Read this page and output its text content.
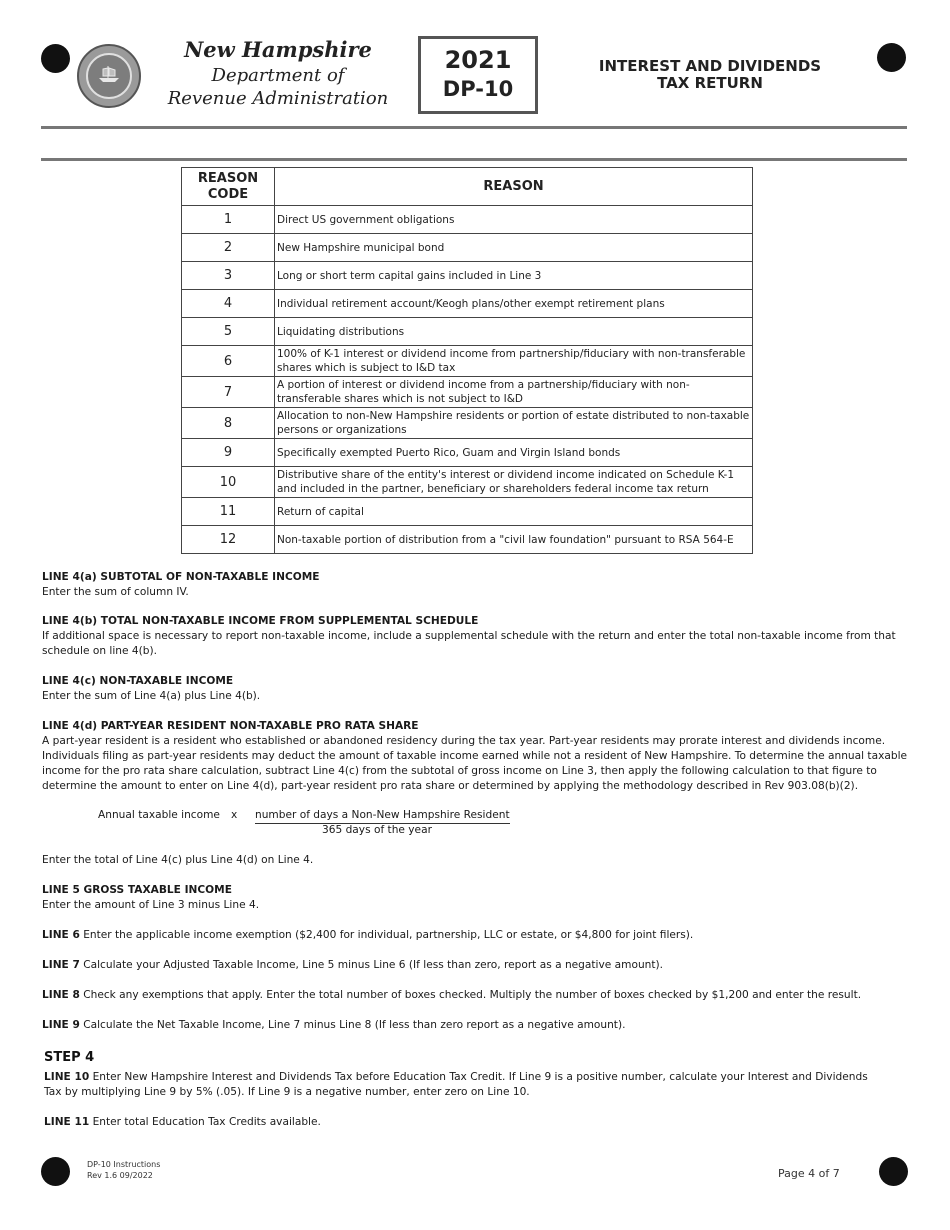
New Hampshire
Department of
Revenue Administration
2021
DP-10
INTEREST AND DIVIDENDS
TAX RETURN
REASON
CODE	REASON
1	Direct US government obligations
2	New Hampshire municipal bond
3	Long or short term capital gains included in Line 3
4	Individual retirement account/Keogh plans/other exempt retirement plans
5	Liquidating distributions
6	100% of K-1 interest or dividend income from partnership/fiduciary with non-transferable shares which is subject to I&D tax
7	A portion of interest or dividend income from a partnership/fiduciary with non-transferable shares which is not subject to I&D
8	Allocation to non-New Hampshire residents or portion of estate distributed to non-taxable persons or organizations
9	Specifically exempted Puerto Rico, Guam and Virgin Island bonds
10	Distributive share of the entity's interest or dividend income indicated on Schedule K-1 and included in the partner, beneficiary or shareholders federal income tax return
11	Return of capital
12	Non-taxable portion of distribution from a "civil law foundation" pursuant to RSA 564-E
LINE 4(a) SUBTOTAL OF NON-TAXABLE INCOME
Enter the sum of column IV.
LINE 4(b) TOTAL NON-TAXABLE INCOME FROM SUPPLEMENTAL SCHEDULE
If additional space is necessary to report non-taxable income, include a supplemental schedule with the return and enter the total non-taxable income from that schedule on line 4(b).
LINE 4(c) NON-TAXABLE INCOME
Enter the sum of Line 4(a) plus Line 4(b).
LINE 4(d) PART-YEAR RESIDENT NON-TAXABLE PRO RATA SHARE
A part-year resident is a resident who established or abandoned residency during the tax year. Part-year residents may prorate interest and dividends income. Individuals filing as part-year residents may deduct the amount of taxable income earned while not a resident of New Hampshire. To determine the annual taxable income for the pro rata share calculation, subtract Line 4(c) from the subtotal of gross income on Line 3, then apply the following calculation to that figure to determine the amount to enter on Line 4(d), part-year resident pro rata share or determined by applying the methodology described in Rev 903.08(b)(2).
Annual taxable income x number of days a Non-New Hampshire Resident
365 days of the year
Enter the total of Line 4(c) plus Line 4(d) on Line 4.
LINE 5 GROSS TAXABLE INCOME
Enter the amount of Line 3 minus Line 4.
LINE 6 Enter the applicable income exemption ($2,400 for individual, partnership, LLC or estate, or $4,800 for joint filers).
LINE 7 Calculate your Adjusted Taxable Income, Line 5 minus Line 6 (If less than zero, report as a negative amount).
LINE 8 Check any exemptions that apply. Enter the total number of boxes checked. Multiply the number of boxes checked by $1,200 and enter the result.
LINE 9 Calculate the Net Taxable Income, Line 7 minus Line 8 (If less than zero report as a negative amount).
STEP 4
LINE 10 Enter New Hampshire Interest and Dividends Tax before Education Tax Credit. If Line 9 is a positive number, calculate your Interest and Dividends Tax by multiplying Line 9 by 5% (.05). If Line 9 is a negative number, enter zero on Line 10.
LINE 11 Enter total Education Tax Credits available.
DP-10 Instructions
Rev 1.6 09/2022	Page 4 of 7
